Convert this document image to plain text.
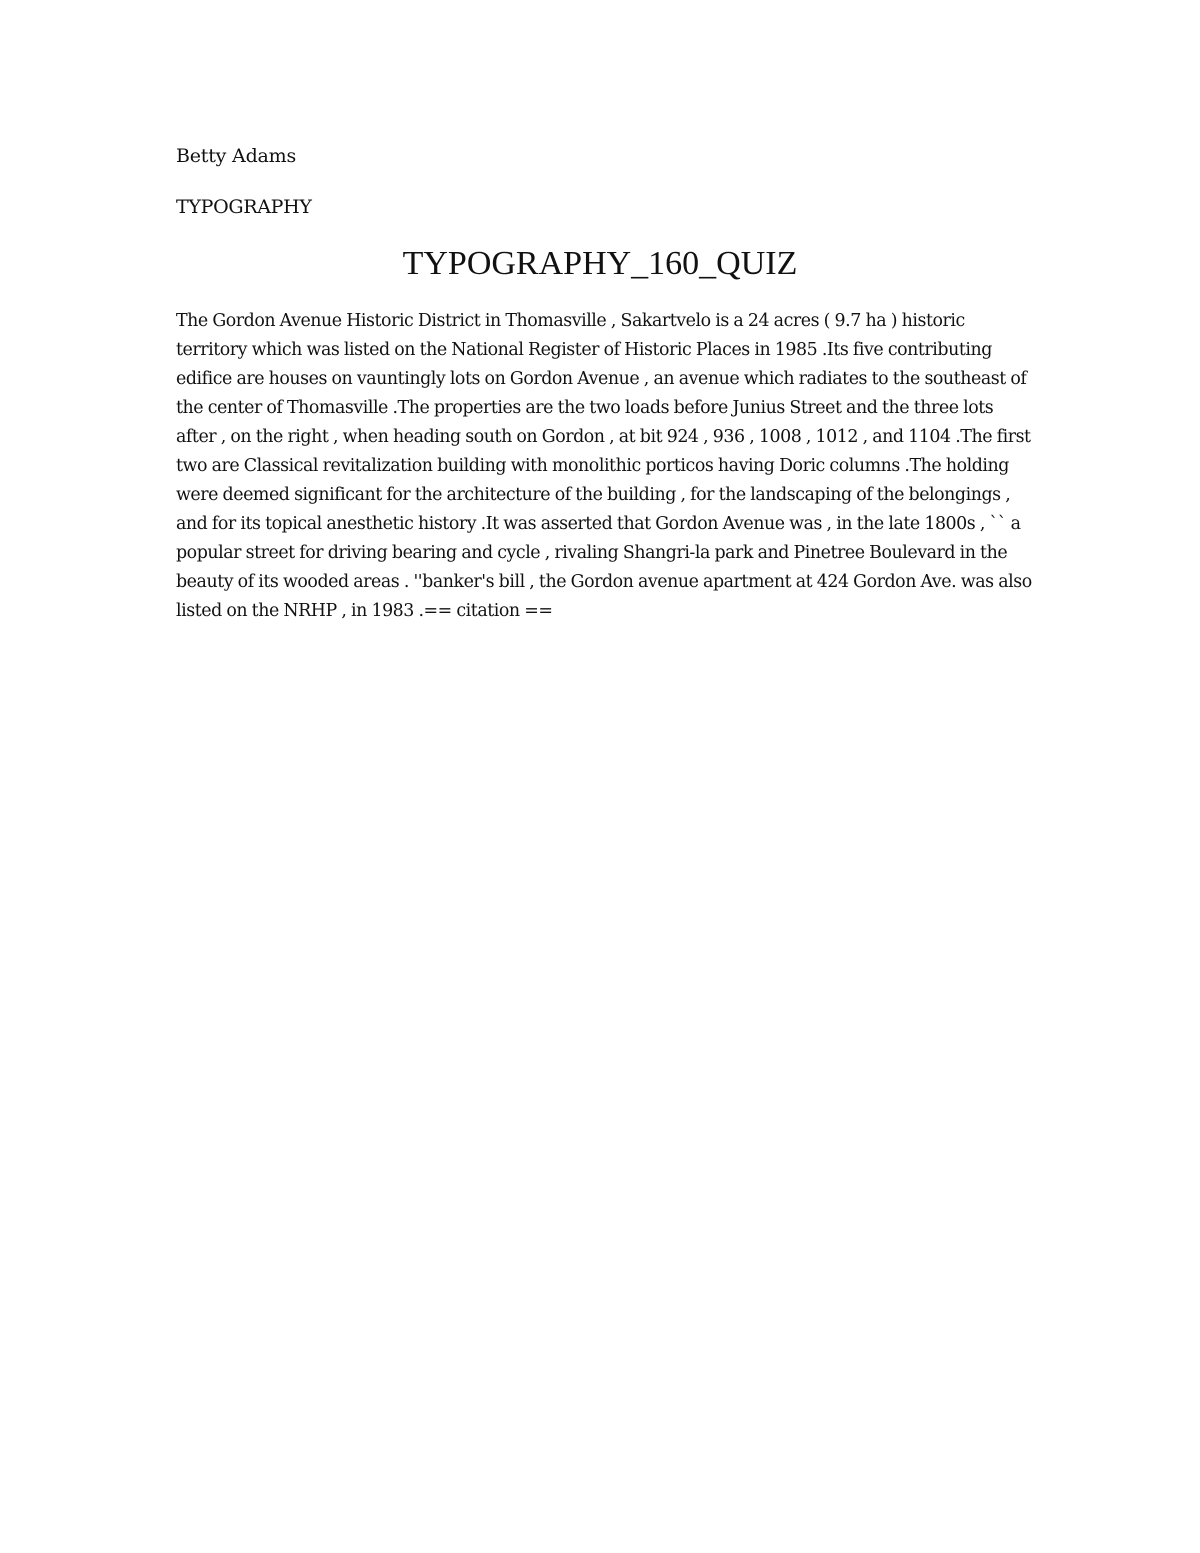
Betty Adams
TYPOGRAPHY
TYPOGRAPHY_160_QUIZ

The Gordon Avenue Historic District in Thomasville , Sakartvelo is a 24 acres ( 9.7 ha ) historic territory which was listed on the National Register of Historic Places in 1985 .Its five contributing edifice are houses on vauntingly lots on Gordon Avenue , an avenue which radiates to the southeast of the center of Thomasville .The properties are the two loads before Junius Street and the three lots after , on the right , when heading south on Gordon , at bit 924 , 936 , 1008 , 1012 , and 1104 .The first two are Classical revitalization building with monolithic porticos having Doric columns .The holding were deemed significant for the architecture of the building , for the landscaping of the belongings , and for its topical anesthetic history .It was asserted that Gordon Avenue was , in the late 1800s , `` a popular street for driving bearing and cycle , rivaling Shangri-la park and Pinetree Boulevard in the beauty of its wooded areas . ''banker's bill , the Gordon avenue apartment at 424 Gordon Ave. was also listed on the NRHP , in 1983 .== citation ==
